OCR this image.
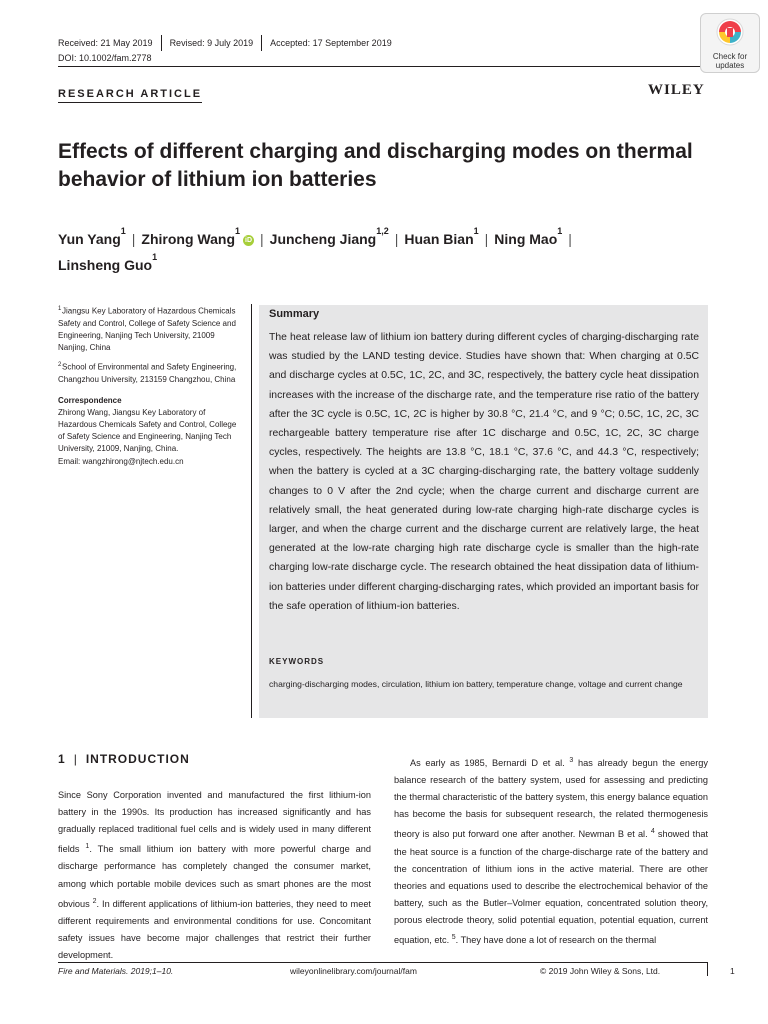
Received: 21 May 2019 Revised: 9 July 2019 Accepted: 17 September 2019
DOI: 10.1002/fam.2778	Check for
updates
RESEARCH ARTICLE	WILEY
Effects of different charging and discharging modes on thermal behavior of lithium ion batteries
Yun Yang$^1$ | Zhirong Wang$^1$iD | Juncheng Jiang$^{1,2}$ | Huan Bian$^1$ | Ning Mao$^1$ |
Linsheng Guo$^1$

$^1$ Jiangsu Key Laboratory of Hazardous Chemicals Safety and Control, College of Safety Science and Engineering, Nanjing Tech University, 21009 Nanjing, China

$^2$ School of Environmental and Safety Engineering, Changzhou University, 213159 Changzhou, China

Correspondence

Zhirong Wang, Jiangsu Key Laboratory of Hazardous Chemicals Safety and Control, College of Safety Science and Engineering, Nanjing Tech University, 21009, Nanjing, China.

Email: wangzhirong@njtech.edu.cn

Summary
The heat release law of lithium ion battery during different cycles of charging-discharging rate was studied by the LAND testing device. Studies have shown that: When charging at 0.5C and discharge cycles at 0.5C, 1C, 2C, and 3C, respectively, the battery cycle heat dissipation increases with the increase of the discharge rate, and the temperature rise ratio of the battery after the 3C cycle is 0.5C, 1C, 2C is higher by 30.8 °C, 21.4 °C, and 9 °C; 0.5C, 1C, 2C, 3C rechargeable battery temperature rise after 1C discharge and 0.5C, 1C, 2C, 3C charge cycles, respectively. The heights are 13.8 °C, 18.1 °C, 37.6 °C, and 44.3 °C, respectively; when the battery is cycled at a 3C charging-discharging rate, the battery voltage suddenly changes to 0 V after the 2nd cycle; when the charge current and discharge current are relatively small, the heat generated during low-rate charging high-rate discharge cycles is larger, and when the charge current and the discharge current are relatively large, the heat generated at the low-rate charging high rate discharge cycle is smaller than the high-rate charging low-rate discharge cycle. The research obtained the heat dissipation data of lithium-ion batteries under different charging-discharging rates, which provided an important basis for the safe operation of lithium-ion batteries.
KEYWORDS
charging-discharging modes, circulation, lithium ion battery, temperature change, voltage and current change
1 | INTRODUCTION
Since Sony Corporation invented and manufactured the first lithium-ion battery in the 1990s. Its production has increased significantly and has gradually replaced traditional fuel cells and is widely used in many different fields $^1$. The small lithium ion battery with more powerful charge and discharge performance has completely changed the consumer market, among which portable mobile devices such as smart phones are the most obvious $^2$. In different applications of lithium-ion batteries, they need to meet different requirements and environmental conditions for use. Concomitant safety issues have become major challenges that restrict their further development.
As early as 1985, Bernardi D et al. $^3$ has already begun the energy balance research of the battery system, used for assessing and predicting the thermal characteristic of the battery system, this energy balance equation has become the basis for subsequent research, the related thermogenesis theory is also put forward one after another. Newman B et al. $^4$ showed that the heat source is a function of the charge-discharge rate of the battery and the concentration of lithium ions in the active material. There are other theories and equations used to describe the electrochemical behavior of the battery, such as the Butler–Volmer equation, concentrated solution theory, porous electrode theory, solid potential equation, potential equation, current equation, etc. $^5$. They have done a lot of research on the thermal
Fire and Materials. 2019;1–10.	wileyonlinelibrary.com/journal/fam	© 2019 John Wiley & Sons, Ltd.	1
